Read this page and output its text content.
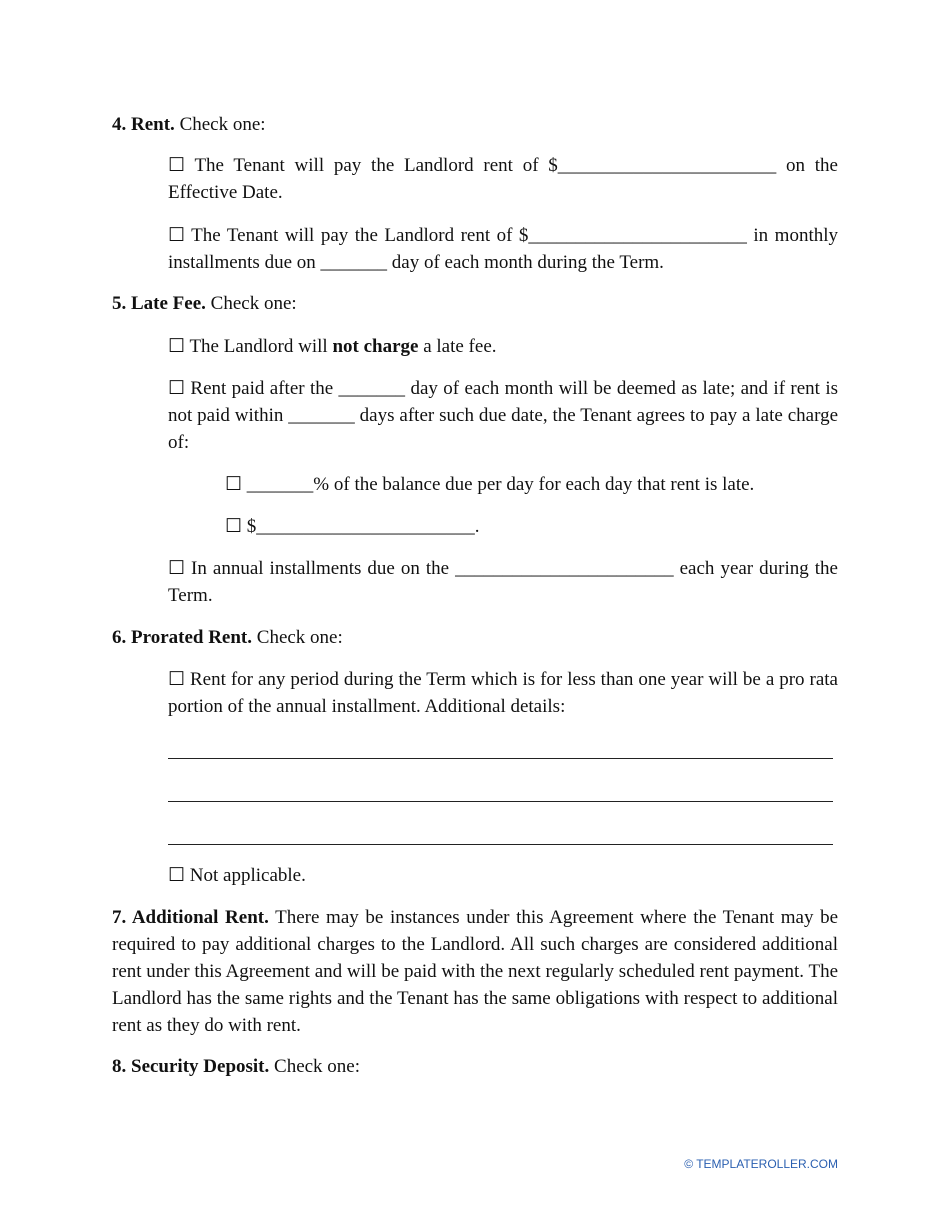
4. Rent. Check one:
☐ The Tenant will pay the Landlord rent of $_______________________ on the Effective Date.
☐ The Tenant will pay the Landlord rent of $_______________________ in monthly installments due on _______ day of each month during the Term.
5. Late Fee. Check one:
☐ The Landlord will not charge a late fee.
☐ Rent paid after the _______ day of each month will be deemed as late; and if rent is not paid within _______ days after such due date, the Tenant agrees to pay a late charge of:
☐ _______% of the balance due per day for each day that rent is late.
☐ $_______________________.
☐ In annual installments due on the _______________________ each year during the Term.
6. Prorated Rent. Check one:
☐ Rent for any period during the Term which is for less than one year will be a pro rata portion of the annual installment. Additional details:
☐ Not applicable.
7. Additional Rent. There may be instances under this Agreement where the Tenant may be required to pay additional charges to the Landlord. All such charges are considered additional rent under this Agreement and will be paid with the next regularly scheduled rent payment. The Landlord has the same rights and the Tenant has the same obligations with respect to additional rent as they do with rent.
8. Security Deposit. Check one:
© TEMPLATEROLLER.COM
